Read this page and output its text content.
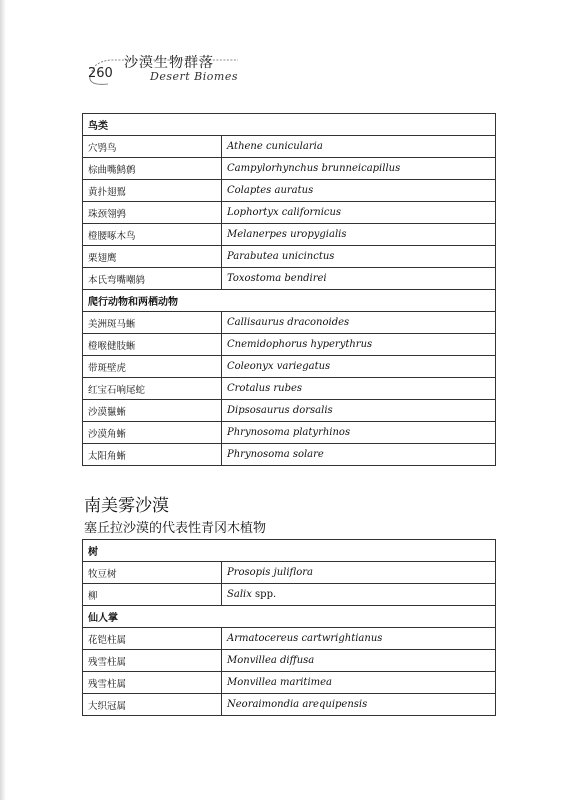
260
沙漠生物群落
Desert Biomes
鸟类	
穴鸮鸟	Athene cunicularia
棕曲嘴鹪鹩	Campylorhynchus brunneicapillus
黄扑翅鴷	Colaptes auratus
珠颈翎鹑	Lophortyx californicus
橙腰啄木鸟	Melanerpes uropygialis
栗翅鹰	Parabutea unicinctus
本氏弯嘴嘲鸫	Toxostoma bendirei
爬行动物和两栖动物	
美洲斑马蜥	Callisaurus draconoides
橙喉健肢蜥	Cnemidophorus hyperythrus
带斑壁虎	Coleonyx variegatus
红宝石响尾蛇	Crotalus rubes
沙漠鬣蜥	Dipsosaurus dorsalis
沙漠角蜥	Phrynosoma platyrhinos
太阳角蜥	Phrynosoma solare
南美雾沙漠
塞丘拉沙漠的代表性青冈木植物
树	
牧豆树	Prosopis juliflora
柳	Salix spp.
仙人掌	
花铠柱属	Armatocereus cartwrightianus
残雪柱属	Monvillea diffusa
残雪柱属	Monvillea maritimea
大织冠属	Neoraimondia arequipensis
